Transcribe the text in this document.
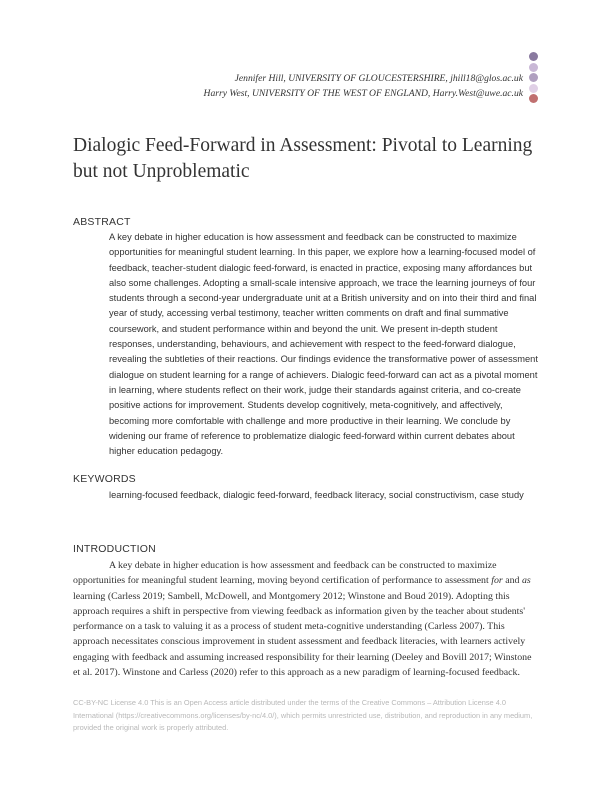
Jennifer Hill, UNIVERSITY OF GLOUCESTERSHIRE, jhill18@glos.ac.uk
Harry West, UNIVERSITY OF THE WEST OF ENGLAND, Harry.West@uwe.ac.uk
Dialogic Feed-Forward in Assessment: Pivotal to Learning but not Unproblematic
ABSTRACT
A key debate in higher education is how assessment and feedback can be constructed to maximize opportunities for meaningful student learning. In this paper, we explore how a learning-focused model of feedback, teacher-student dialogic feed-forward, is enacted in practice, exposing many affordances but also some challenges. Adopting a small-scale intensive approach, we trace the learning journeys of four students through a second-year undergraduate unit at a British university and on into their third and final year of study, accessing verbal testimony, teacher written comments on draft and final summative coursework, and student performance within and beyond the unit. We present in-depth student responses, understanding, behaviours, and achievement with respect to the feed-forward dialogue, revealing the subtleties of their reactions. Our findings evidence the transformative power of assessment dialogue on student learning for a range of achievers. Dialogic feed-forward can act as a pivotal moment in learning, where students reflect on their work, judge their standards against criteria, and co-create positive actions for improvement. Students develop cognitively, meta-cognitively, and affectively, becoming more comfortable with challenge and more productive in their learning. We conclude by widening our frame of reference to problematize dialogic feed-forward within current debates about higher education pedagogy.
KEYWORDS
learning-focused feedback, dialogic feed-forward, feedback literacy, social constructivism, case study
INTRODUCTION
A key debate in higher education is how assessment and feedback can be constructed to maximize opportunities for meaningful student learning, moving beyond certification of performance to assessment for and as learning (Carless 2019; Sambell, McDowell, and Montgomery 2012; Winstone and Boud 2019). Adopting this approach requires a shift in perspective from viewing feedback as information given by the teacher about students' performance on a task to valuing it as a process of student meta-cognitive understanding (Carless 2007). This approach necessitates conscious improvement in student assessment and feedback literacies, with learners actively engaging with feedback and assuming increased responsibility for their learning (Deeley and Bovill 2017; Winstone et al. 2017). Winstone and Carless (2020) refer to this approach as a new paradigm of learning-focused feedback.
CC-BY-NC License 4.0 This is an Open Access article distributed under the terms of the Creative Commons – Attribution License 4.0 International (https://creativecommons.org/licenses/by-nc/4.0/), which permits unrestricted use, distribution, and reproduction in any medium, provided the original work is properly attributed.
